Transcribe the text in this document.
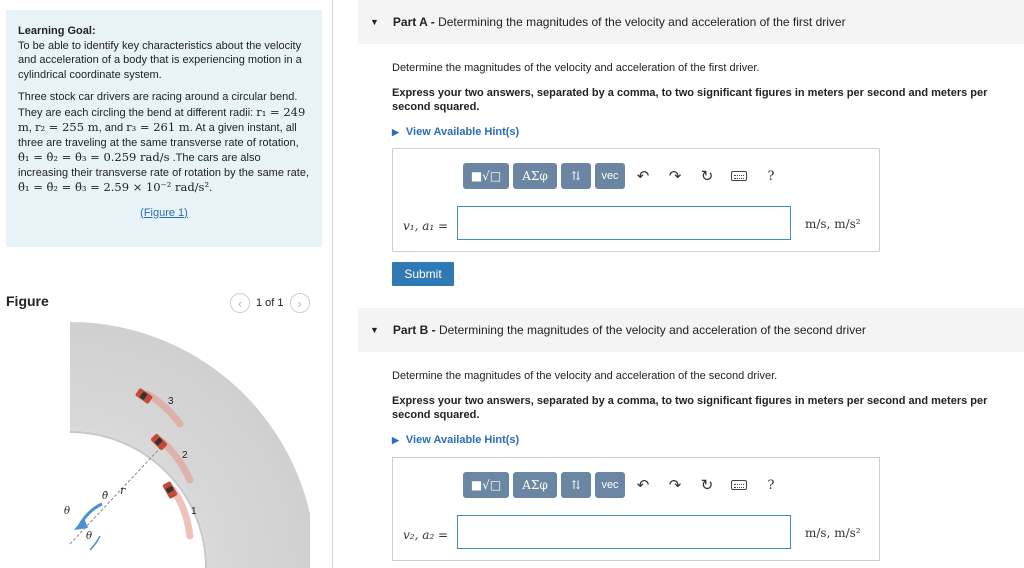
Learning Goal:
To be able to identify key characteristics about the velocity and acceleration of a body that is experiencing motion in a cylindrical coordinate system.
Three stock car drivers are racing around a circular bend. They are each circling the bend at different radii: r₁ = 249 m, r₂ = 255 m, and r₃ = 261 m. At a given instant, all three are traveling at the same transverse rate of rotation, θ̇₁ = θ̇₂ = θ̇₃ = 0.259 rad/s .The cars are also increasing their transverse rate of rotation by the same rate, θ̈₁ = θ̈₂ = θ̈₃ = 2.59 × 10⁻² rad/s².
(Figure 1)
Figure	‹ 1 of 1 ›
1
2
3
r
θ̇
θ
θ
▼ Part A -
Determining the magnitudes of the velocity and acceleration of the first driver
Determine the magnitudes of the velocity and acceleration of the first driver.
Express your two answers, separated by a comma, to two significant figures in meters per second and meters per second squared.
▶ View Available Hint(s)
■√□	AΣφ	⇅	vec	↶	↷	↻	?
v₁, a₁ =	m/s, m/s²
Submit
▼ Part B -
Determining the magnitudes of the velocity and acceleration of the second driver
Determine the magnitudes of the velocity and acceleration of the second driver.
Express your two answers, separated by a comma, to two significant figures in meters per second and meters per second squared.
▶ View Available Hint(s)
■√□	AΣφ	⇅	vec	↶	↷	↻	?
v₂, a₂ =	m/s, m/s²
